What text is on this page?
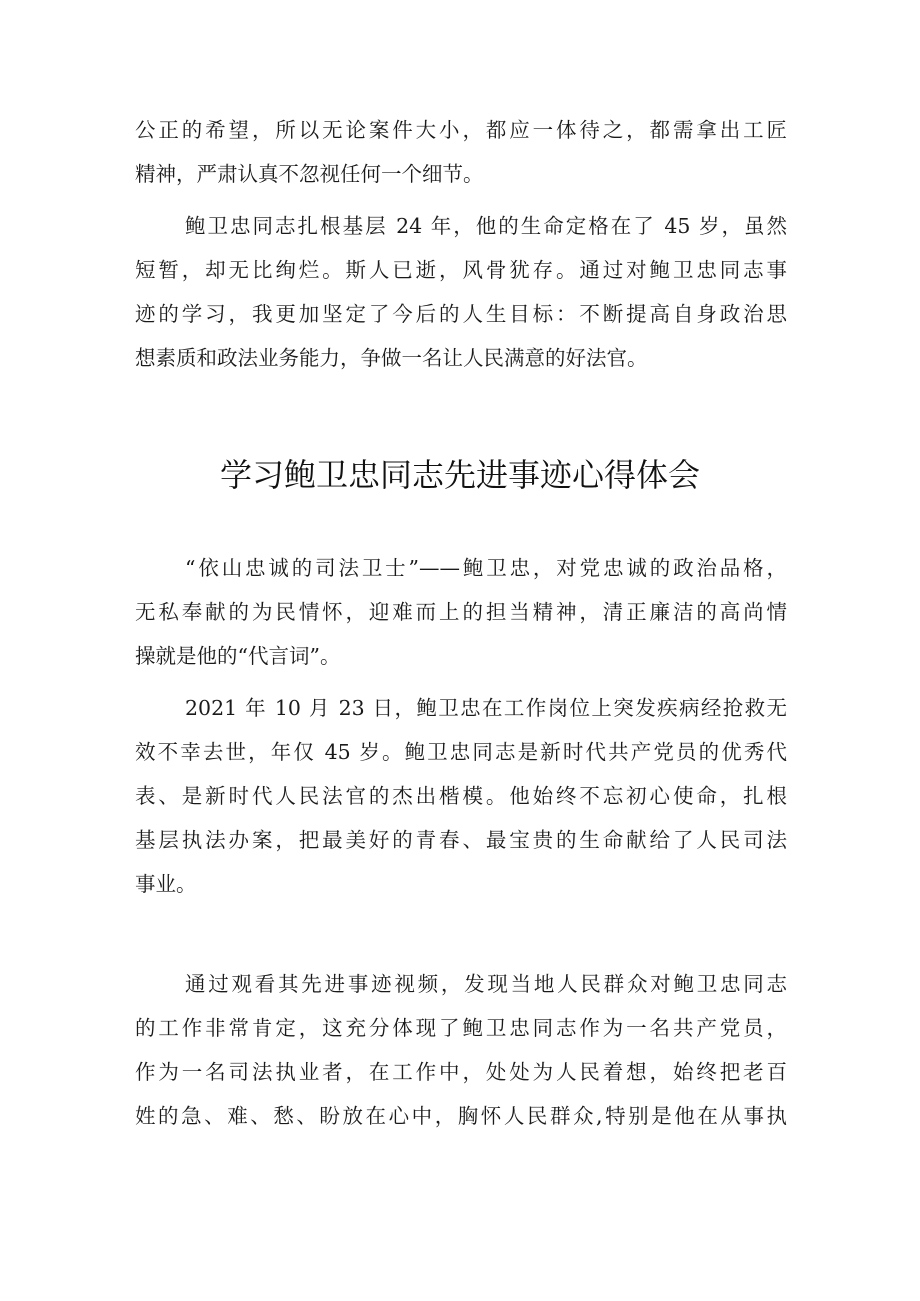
公正的希望，所以无论案件大小，都应一体待之，都需拿出工匠
精神，严肃认真不忽视任何一个细节。
鲍卫忠同志扎根基层 24 年，他的生命定格在了 45 岁，虽然
短暂，却无比绚烂。斯人已逝，风骨犹存。通过对鲍卫忠同志事
迹的学习，我更加坚定了今后的人生目标：不断提高自身政治思
想素质和政法业务能力，争做一名让人民满意的好法官。
学习鲍卫忠同志先进事迹心得体会
“依山忠诚的司法卫士”——鲍卫忠，对党忠诚的政治品格，
无私奉献的为民情怀，迎难而上的担当精神，清正廉洁的高尚情
操就是他的“代言词”。
2021 年 10 月 23 日，鲍卫忠在工作岗位上突发疾病经抢救无
效不幸去世，年仅 45 岁。鲍卫忠同志是新时代共产党员的优秀代
表、是新时代人民法官的杰出楷模。他始终不忘初心使命，扎根
基层执法办案，把最美好的青春、最宝贵的生命献给了人民司法
事业。
通过观看其先进事迹视频，发现当地人民群众对鲍卫忠同志
的工作非常肯定，这充分体现了鲍卫忠同志作为一名共产党员，
作为一名司法执业者，在工作中，处处为人民着想，始终把老百
姓的急、难、愁、盼放在心中，胸怀人民群众,特别是他在从事执
